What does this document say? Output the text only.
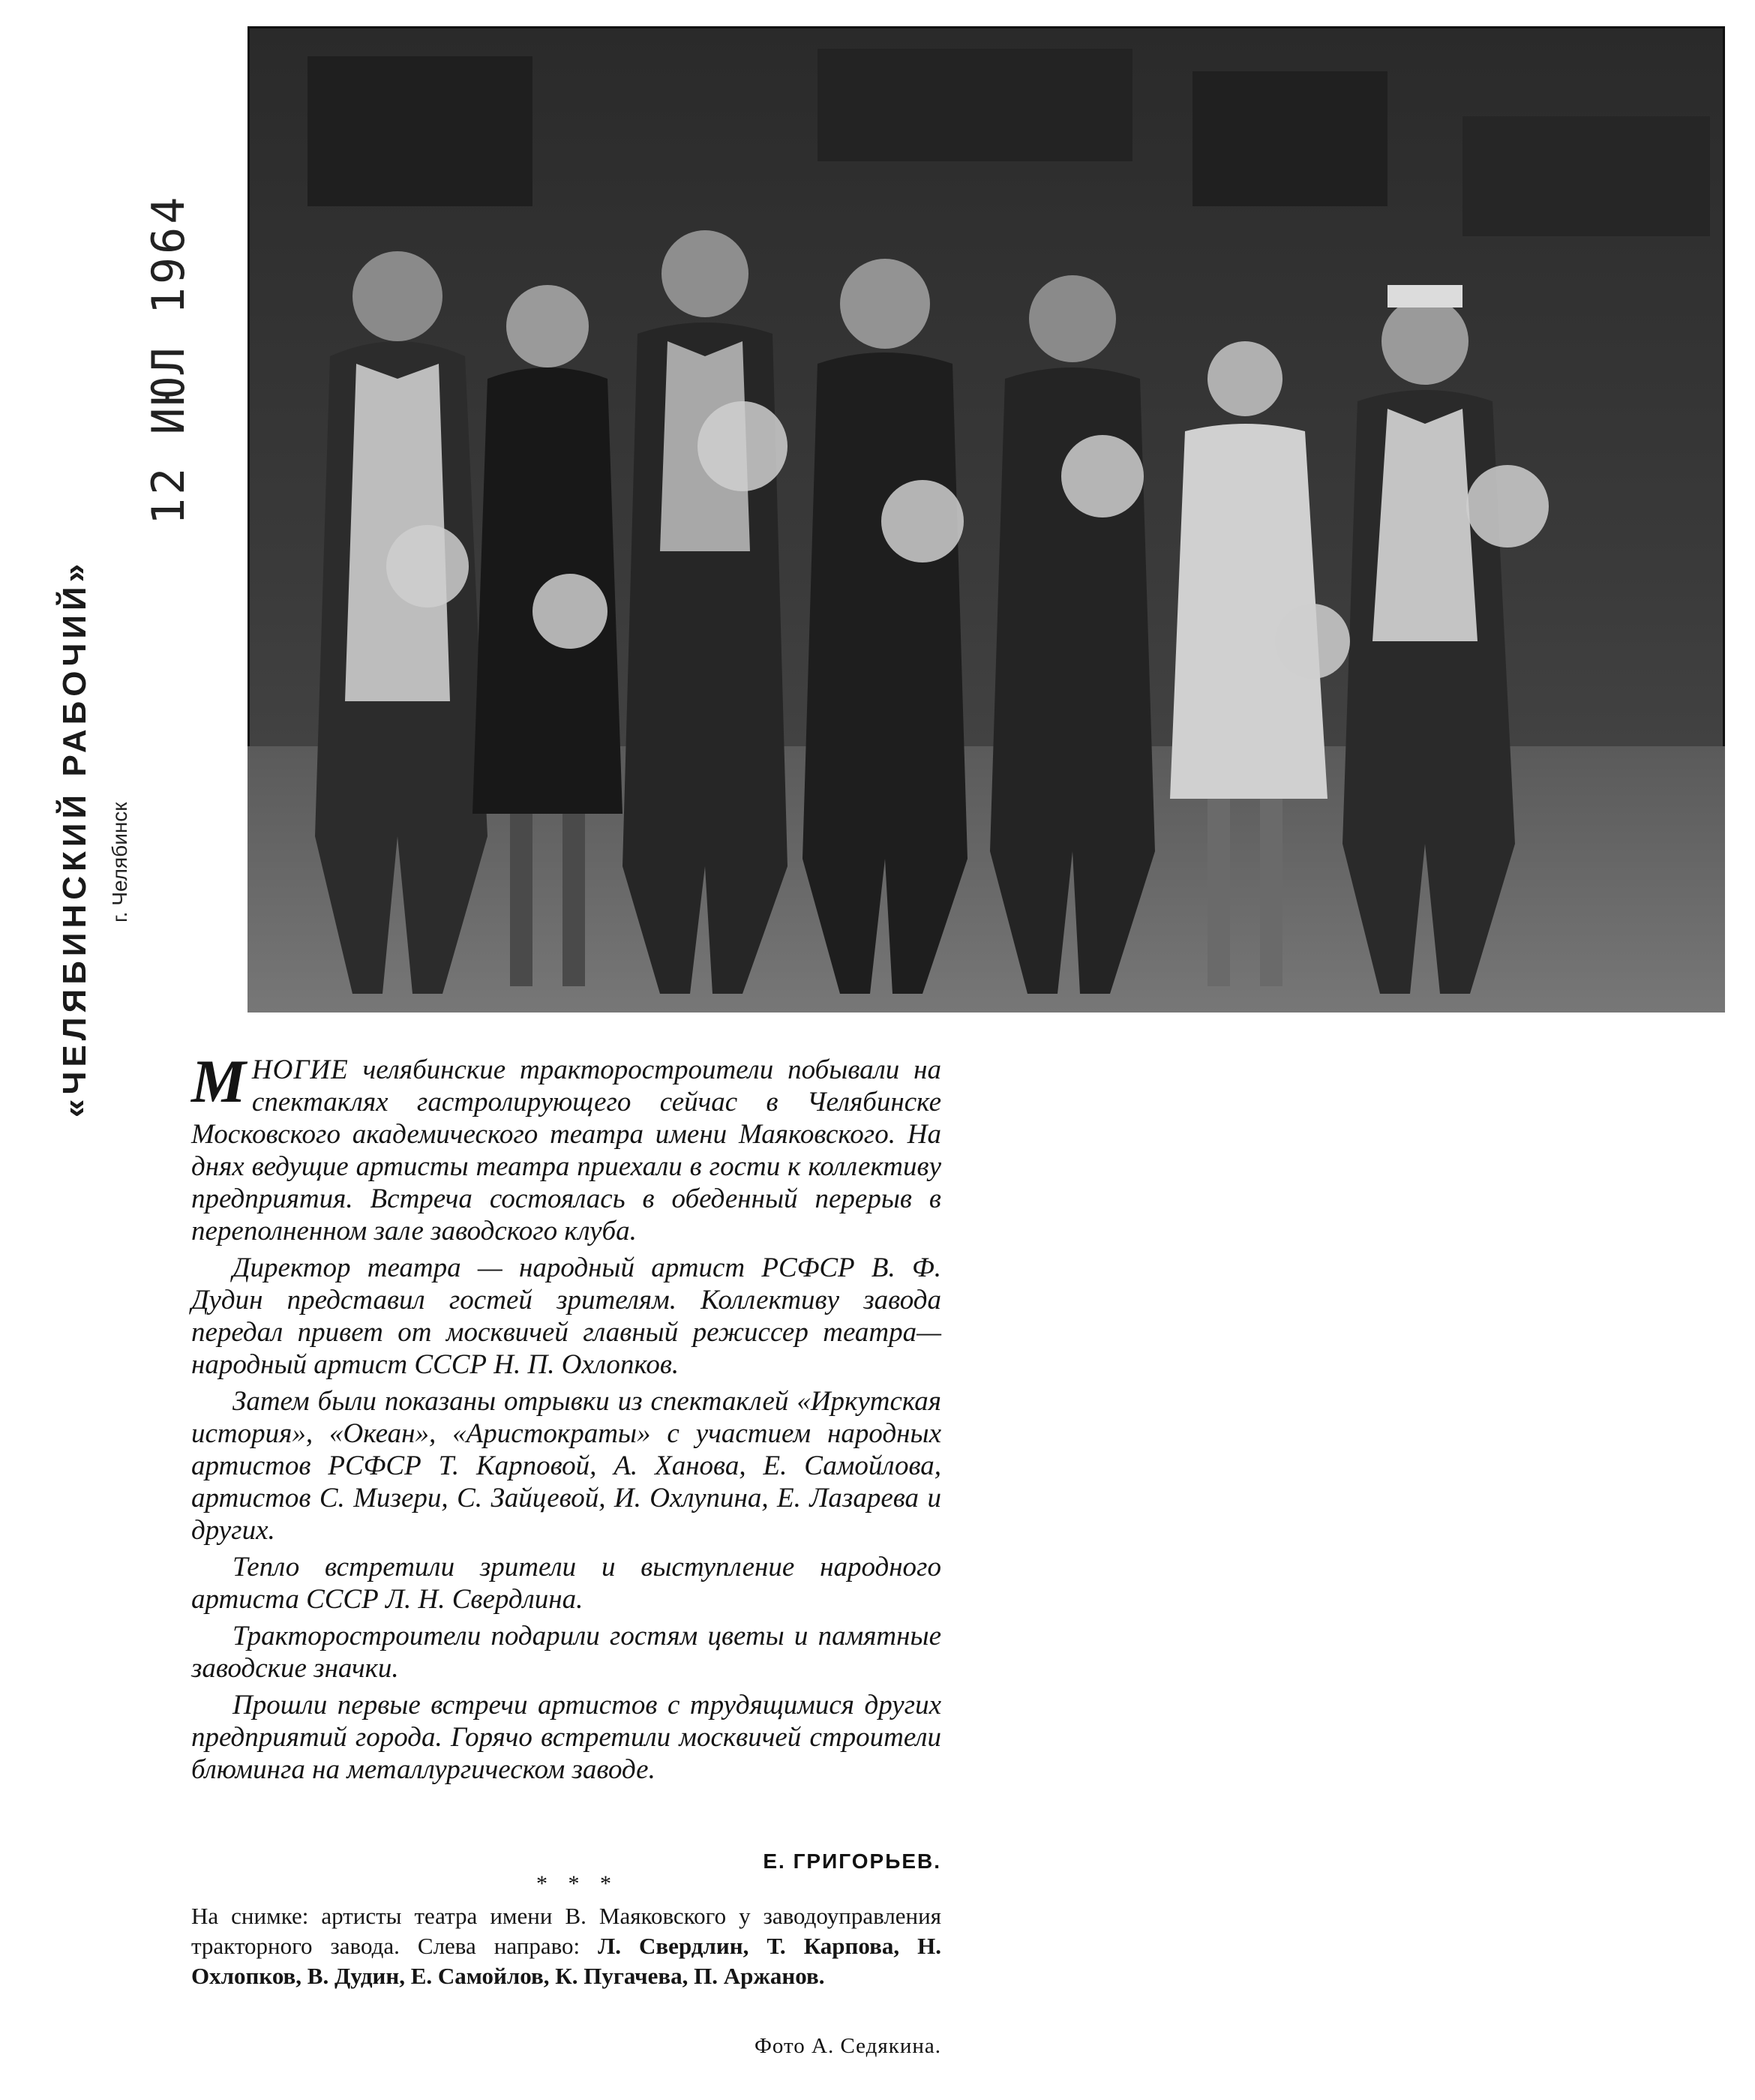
«ЧЕЛЯБИНСКИЙ РАБОЧИЙ» г. Челябинск
12 ИЮЛ 1964

МНОГИЕ челябинские тракторостроители побывали на спектаклях гастролирующего сейчас в Челябинске Московского академического театра имени Маяковского. На днях ведущие артисты театра приехали в гости к коллективу предприятия. Встреча состоялась в обеденный перерыв в переполненном зале заводского клуба.

Директор театра — народный артист РСФСР В. Ф. Дудин представил гостей зрителям. Коллективу завода передал привет от москвичей главный режиссер театра—народный артист СССР Н. П. Охлопков.

Затем были показаны отрывки из спектаклей «Иркутская история», «Океан», «Аристократы» с участием народных артистов РСФСР Т. Карповой, А. Ханова, Е. Самойлова, артистов С. Мизери, С. Зайцевой, И. Охлупина, Е. Лазарева и других.

Тепло встретили зрители и выступление народного артиста СССР Л. Н. Свердлина.

Тракторостроители подарили гостям цветы и памятные заводские значки.

Прошли первые встречи артистов с трудящимися других предприятий города. Горячо встретили москвичей строители блюминга на металлургическом заводе.

Е. ГРИГОРЬЕВ.
* * *
На снимке: артисты театра имени В. Маяковского у заводоуправления тракторного завода. Слева направо: Л. Свердлин, Т. Карпова, Н. Охлопков, В. Дудин, Е. Самойлов, К. Пугачева, П. Аржанов.
Фото А. Седякина.
